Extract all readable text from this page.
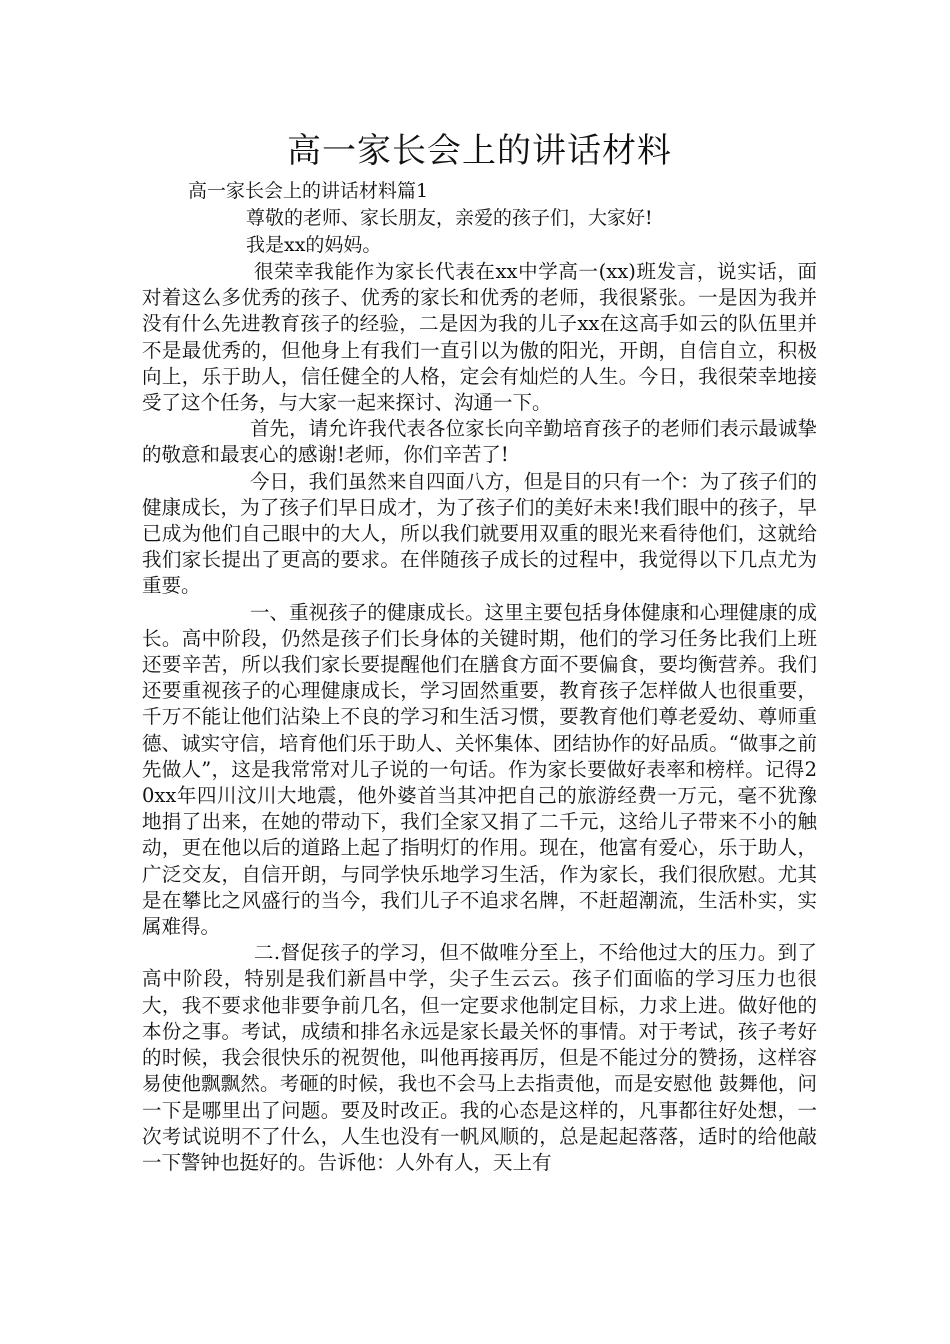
高一家长会上的讲话材料

高一家长会上的讲话材料篇1

尊敬的老师、家长朋友，亲爱的孩子们，大家好!

我是xx的妈妈。

很荣幸我能作为家长代表在xx中学高一(xx)班发言，说实话，面对着这么多优秀的孩子、优秀的家长和优秀的老师，我很紧张。一是因为我并没有什么先进教育孩子的经验，二是因为我的儿子xx在这高手如云的队伍里并不是最优秀的，但他身上有我们一直引以为傲的阳光，开朗，自信自立，积极向上，乐于助人，信任健全的人格，定会有灿烂的人生。今日，我很荣幸地接受了这个任务，与大家一起来探讨、沟通一下。

首先，请允许我代表各位家长向辛勤培育孩子的老师们表示最诚挚的敬意和最衷心的感谢!老师，你们辛苦了!

今日，我们虽然来自四面八方，但是目的只有一个：为了孩子们的健康成长，为了孩子们早日成才，为了孩子们的美好未来!我们眼中的孩子，早已成为他们自己眼中的大人，所以我们就要用双重的眼光来看待他们，这就给我们家长提出了更高的要求。在伴随孩子成长的过程中，我觉得以下几点尤为重要。

一、重视孩子的健康成长。这里主要包括身体健康和心理健康的成长。高中阶段，仍然是孩子们长身体的关键时期，他们的学习任务比我们上班还要辛苦，所以我们家长要提醒他们在膳食方面不要偏食，要均衡营养。我们还要重视孩子的心理健康成长，学习固然重要，教育孩子怎样做人也很重要，千万不能让他们沾染上不良的学习和生活习惯，要教育他们尊老爱幼、尊师重德、诚实守信，培育他们乐于助人、关怀集体、团结协作的好品质。“做事之前先做人”，这是我常常对儿子说的一句话。作为家长要做好表率和榜样。记得20xx年四川汶川大地震，他外婆首当其冲把自己的旅游经费一万元，毫不犹豫地捐了出来，在她的带动下，我们全家又捐了二千元，这给儿子带来不小的触动，更在他以后的道路上起了指明灯的作用。现在，他富有爱心，乐于助人，广泛交友，自信开朗，与同学快乐地学习生活，作为家长，我们很欣慰。尤其是在攀比之风盛行的当今，我们儿子不追求名牌，不赶超潮流，生活朴实，实属难得。

二.督促孩子的学习，但不做唯分至上，不给他过大的压力。到了高中阶段，特别是我们新昌中学，尖子生云云。孩子们面临的学习压力也很大，我不要求他非要争前几名，但一定要求他制定目标，力求上进。做好他的本份之事。考试，成绩和排名永远是家长最关怀的事情。对于考试，孩子考好的时候，我会很快乐的祝贺他，叫他再接再厉，但是不能过分的赞扬，这样容易使他飘飘然。考砸的时候，我也不会马上去指责他，而是安慰他 鼓舞他，问一下是哪里出了问题。要及时改正。我的心态是这样的，凡事都往好处想，一次考试说明不了什么，人生也没有一帆风顺的，总是起起落落，适时的给他敲一下警钟也挺好的。告诉他：人外有人，天上有
